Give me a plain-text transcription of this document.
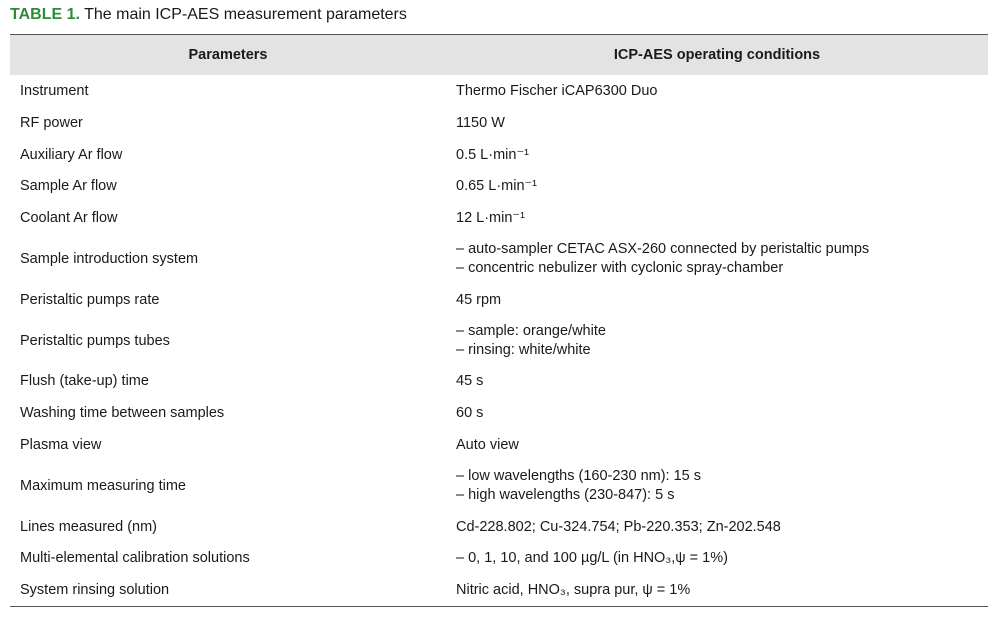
TABLE 1. The main ICP-AES measurement parameters
Parameters	ICP-AES operating conditions
Instrument	Thermo Fischer iCAP6300 Duo

RF power	1150 W

Auxiliary Ar flow	0.5 L·min⁻¹

Sample Ar flow	0.65 L·min⁻¹

Coolant Ar flow	12 L·min⁻¹

Sample introduction system	– auto-sampler CETAC ASX-260 connected by peristaltic pumps
– concentric nebulizer with cyclonic spray-chamber

Peristaltic pumps rate	45 rpm

Peristaltic pumps tubes	– sample: orange/white
– rinsing: white/white

Flush (take-up) time	45 s

Washing time between samples	60 s

Plasma view	Auto view

Maximum measuring time	– low wavelengths (160-230 nm): 15 s
– high wavelengths (230-847): 5 s

Lines measured (nm)	Cd-228.802; Cu-324.754; Pb-220.353; Zn-202.548

Multi-elemental calibration solutions	– 0, 1, 10, and 100 µg/L (in HNO₃,ψ = 1%)

System rinsing solution	Nitric acid, HNO₃, supra pur, ψ = 1%
